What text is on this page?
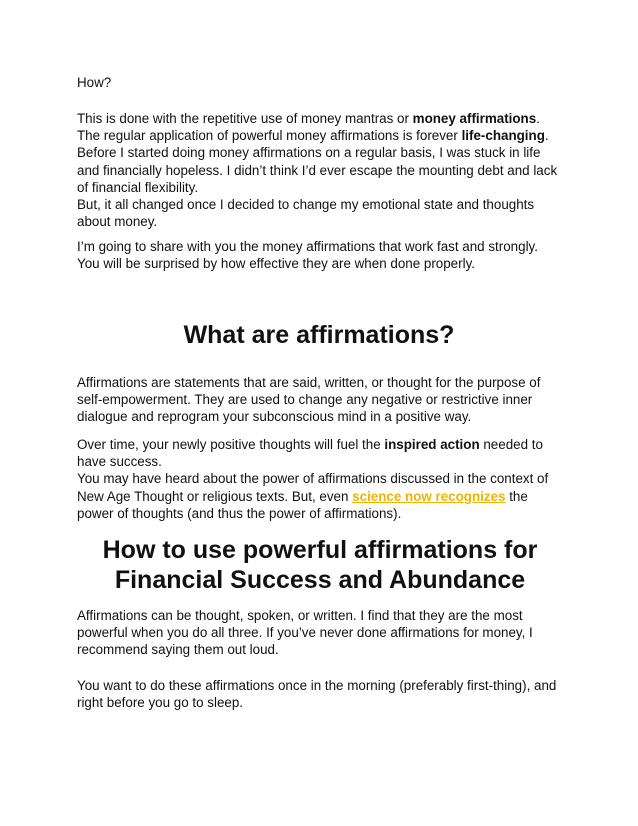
How?

This is done with the repetitive use of money mantras or money affirmations. The regular application of powerful money affirmations is forever life-changing. Before I started doing money affirmations on a regular basis, I was stuck in life and financially hopeless. I didn’t think I’d ever escape the mounting debt and lack of financial flexibility.
But, it all changed once I decided to change my emotional state and thoughts about money.

I’m going to share with you the money affirmations that work fast and strongly. You will be surprised by how effective they are when done properly.

What are affirmations?

Affirmations are statements that are said, written, or thought for the purpose of self-empowerment. They are used to change any negative or restrictive inner dialogue and reprogram your subconscious mind in a positive way.

Over time, your newly positive thoughts will fuel the inspired action needed to have success.
You may have heard about the power of affirmations discussed in the context of New Age Thought or religious texts. But, even science now recognizes the power of thoughts (and thus the power of affirmations).

How to use powerful affirmations for Financial Success and Abundance

Affirmations can be thought, spoken, or written. I find that they are the most powerful when you do all three. If you’ve never done affirmations for money, I recommend saying them out loud.

You want to do these affirmations once in the morning (preferably first-thing), and right before you go to sleep.
